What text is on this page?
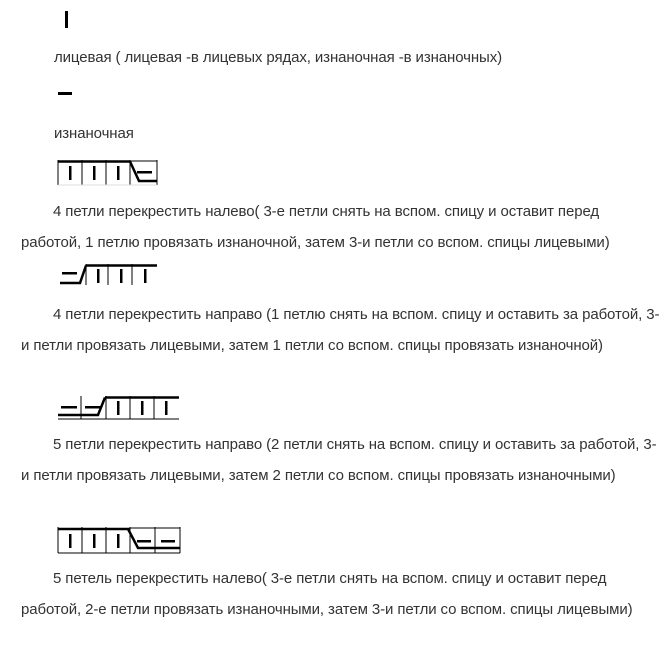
лицевая ( лицевая -в лицевых рядах, изнаночная -в изнаночных)
изнаночная
4 петли перекрестить налево( 3-е петли снять на вспом. спицу и оставит перед работой, 1 петлю провязать изнаночной, затем 3-и петли со вспом. спицы лицевыми)
4 петли перекрестить направо (1 петлю снять на вспом. спицу и оставить за работой, 3-и петли провязать лицевыми, затем 1 петли со вспом. спицы провязать изнаночной)
5 петли перекрестить направо (2 петли снять на вспом. спицу и оставить за работой, 3-и петли провязать лицевыми, затем 2 петли со вспом. спицы провязать изнаночными)
5 петель перекрестить налево( 3-е петли снять на вспом. спицу и оставит перед работой, 2-е петли провязать изнаночными, затем 3-и петли со вспом. спицы лицевыми)
